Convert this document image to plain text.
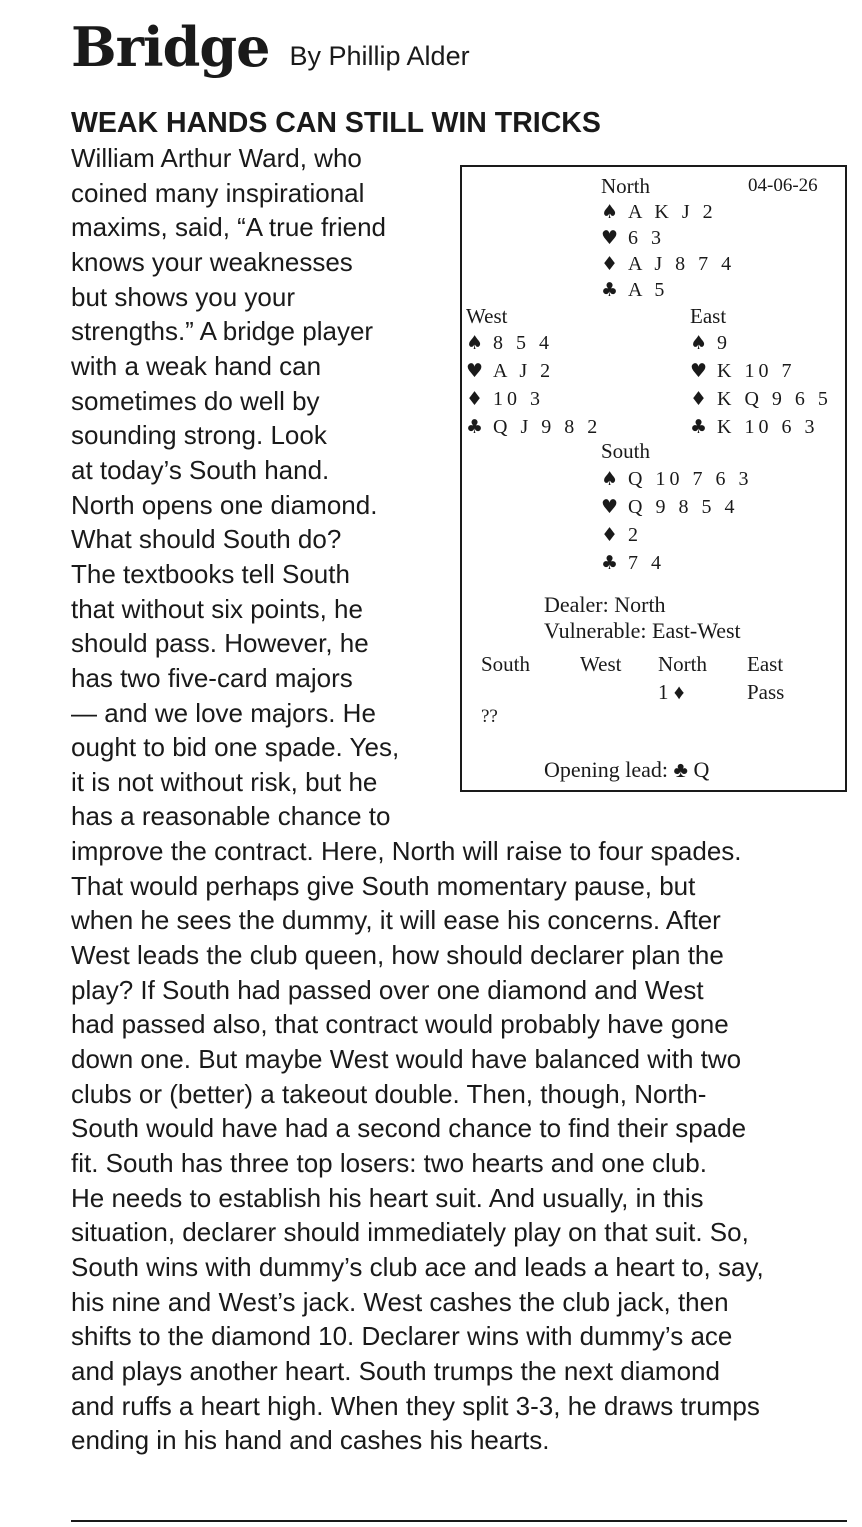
Bridge By Phillip Alder
WEAK HANDS CAN STILL WIN TRICKS
William Arthur Ward, who
coined many inspirational
maxims, said, “A true friend
knows your weaknesses
but shows you your
strengths.” A bridge player
with a weak hand can
sometimes do well by
sounding strong. Look
at today’s South hand.
North opens one diamond.
What should South do?
The textbooks tell South
that without six points, he
should pass. However, he
has two five-card majors
— and we love majors. He
ought to bid one spade. Yes,
it is not without risk, but he
has a reasonable chance to
improve the contract. Here, North will raise to four spades.
That would perhaps give South momentary pause, but
when he sees the dummy, it will ease his concerns. After
West leads the club queen, how should declarer plan the
play? If South had passed over one diamond and West
had passed also, that contract would probably have gone
down one. But maybe West would have balanced with two
clubs or (better) a takeout double. Then, though, North-
South would have had a second chance to find their spade
fit. South has three top losers: two hearts and one club.
He needs to establish his heart suit. And usually, in this
situation, declarer should immediately play on that suit. So,
South wins with dummy’s club ace and leads a heart to, say,
his nine and West’s jack. West cashes the club jack, then
shifts to the diamond 10. Declarer wins with dummy’s ace
and plays another heart. South trumps the next diamond
and ruffs a heart high. When they split 3-3, he draws trumps
ending in his hand and cashes his hearts.
North	04-06-26
♠ A K J 2
♥ 6 3
♦ A J 8 7 4
♣ A 5
West
♠ 8 5 4
♥ A J 2
♦ 10 3
♣ Q J 9 8 2
East
♠ 9
♥ K 10 7
♦ K Q 9 6 5
♣ K 10 6 3
South
♠ Q 10 7 6 3
♥ Q 9 8 5 4
♦ 2
♣ 7 4
Dealer: North
Vulnerable: East-West
South West North East
1 ♦	Pass
??
Opening lead: ♣ Q
